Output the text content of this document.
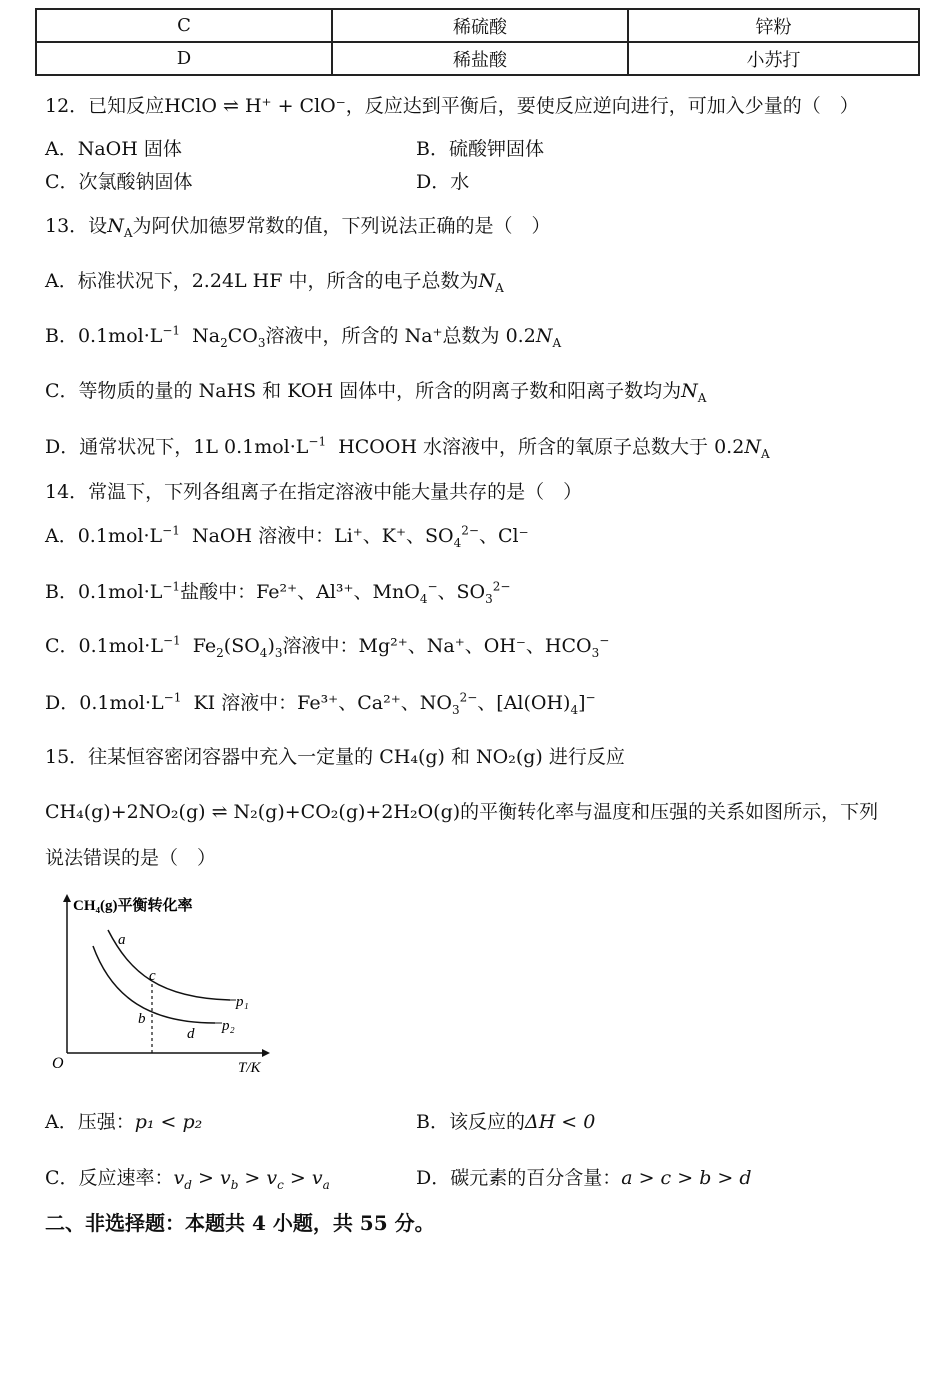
C	稀硫酸	锌粉
D	稀盐酸	小苏打
12．已知反应HClO ⇌ H⁺ + ClO⁻，反应达到平衡后，要使反应逆向进行，可加入少量的（　）
A．NaOH 固体	B．硫酸钾固体
C．次氯酸钠固体	D．水
13．设$N_A$为阿伏加德罗常数的值，下列说法正确的是（　）
A．标准状况下，2.24L HF 中，所含的电子总数为$N_A$
B．$0.1mol\cdot L^{-1}$ $Na_2CO_3$溶液中，所含的 Na⁺总数为 $0.2N_A$
C．等物质的量的 NaHS 和 KOH 固体中，所含的阴离子数和阳离子数均为$N_A$
D．通常状况下，1L $0.1mol\cdot L^{-1}$ HCOOH 水溶液中，所含的氧原子总数大于 $0.2N_A$
14．常温下，下列各组离子在指定溶液中能大量共存的是（　）
A．$0.1mol\cdot L^{-1}$ NaOH 溶液中：Li⁺、K⁺、$SO_4^{2-}$、Cl⁻
B．$0.1mol\cdot L^{-1}$盐酸中：Fe²⁺、Al³⁺、MnO$_4$−、$SO_3^{2-}$
C．$0.1mol\cdot L^{-1}$ $Fe_2(SO_4)_3$溶液中：Mg²⁺、Na⁺、OH⁻、$HCO_3^-$
D．$0.1mol\cdot L^{-1}$ KI 溶液中：Fe³⁺、Ca²⁺、$NO_3^{2-}$、$[Al(OH)_4]^-$
15．往某恒容密闭容器中充入一定量的 CH₄(g) 和 NO₂(g) 进行反应
CH₄(g)+2NO₂(g) ⇌ N₂(g)+CO₂(g)+2H₂O(g)的平衡转化率与温度和压强的关系如图所示，下列
说法错误的是（　）
CH₄(g)平衡转化率
T/K
O
a
c
b
d
p₁
p₂
A．压强：p₁ < p₂	B．该反应的ΔH < 0
C．反应速率：$v_d > v_b > v_c > v_a$	D．碳元素的百分含量：a > c > b > d
二、非选择题：本题共 4 小题，共 55 分。
